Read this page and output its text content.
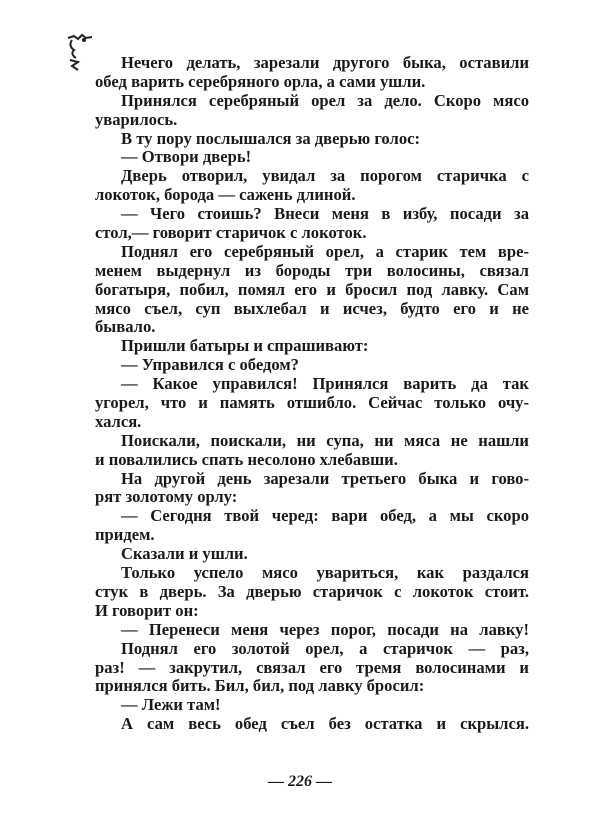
Нечего делать, зарезали другого быка, оставили
обед варить серебряного орла, а сами ушли.
Принялся серебряный орел за дело. Скоро мясо
уварилось.
В ту пору послышался за дверью голос:
— Отвори дверь!
Дверь отворил, увидал за порогом старичка с
локоток, борода — сажень длиной.
— Чего стоишь? Внеси меня в избу, посади за
стол,— говорит старичок с локоток.
Поднял его серебряный орел, а старик тем вре-
менем выдернул из бороды три волосины, связал
богатыря, побил, помял его и бросил под лавку. Сам
мясо съел, суп выхлебал и исчез, будто его и не
бывало.
Пришли батыры и спрашивают:
— Управился с обедом?
— Какое управился! Принялся варить да так
угорел, что и память отшибло. Сейчас только очу-
хался.
Поискали, поискали, ни супа, ни мяса не нашли
и повалились спать несолоно хлебавши.
На другой день зарезали третьего быка и гово-
рят золотому орлу:
— Сегодня твой черед: вари обед, а мы скоро
придем.
Сказали и ушли.
Только успело мясо увариться, как раздался
стук в дверь. За дверью старичок с локоток стоит.
И говорит он:
— Перенеси меня через порог, посади на лавку!
Поднял его золотой орел, а старичок — раз,
раз! — закрутил, связал его тремя волосинами и
принялся бить. Бил, бил, под лавку бросил:
— Лежи там!
А сам весь обед съел без остатка и скрылся.
— 226 —
